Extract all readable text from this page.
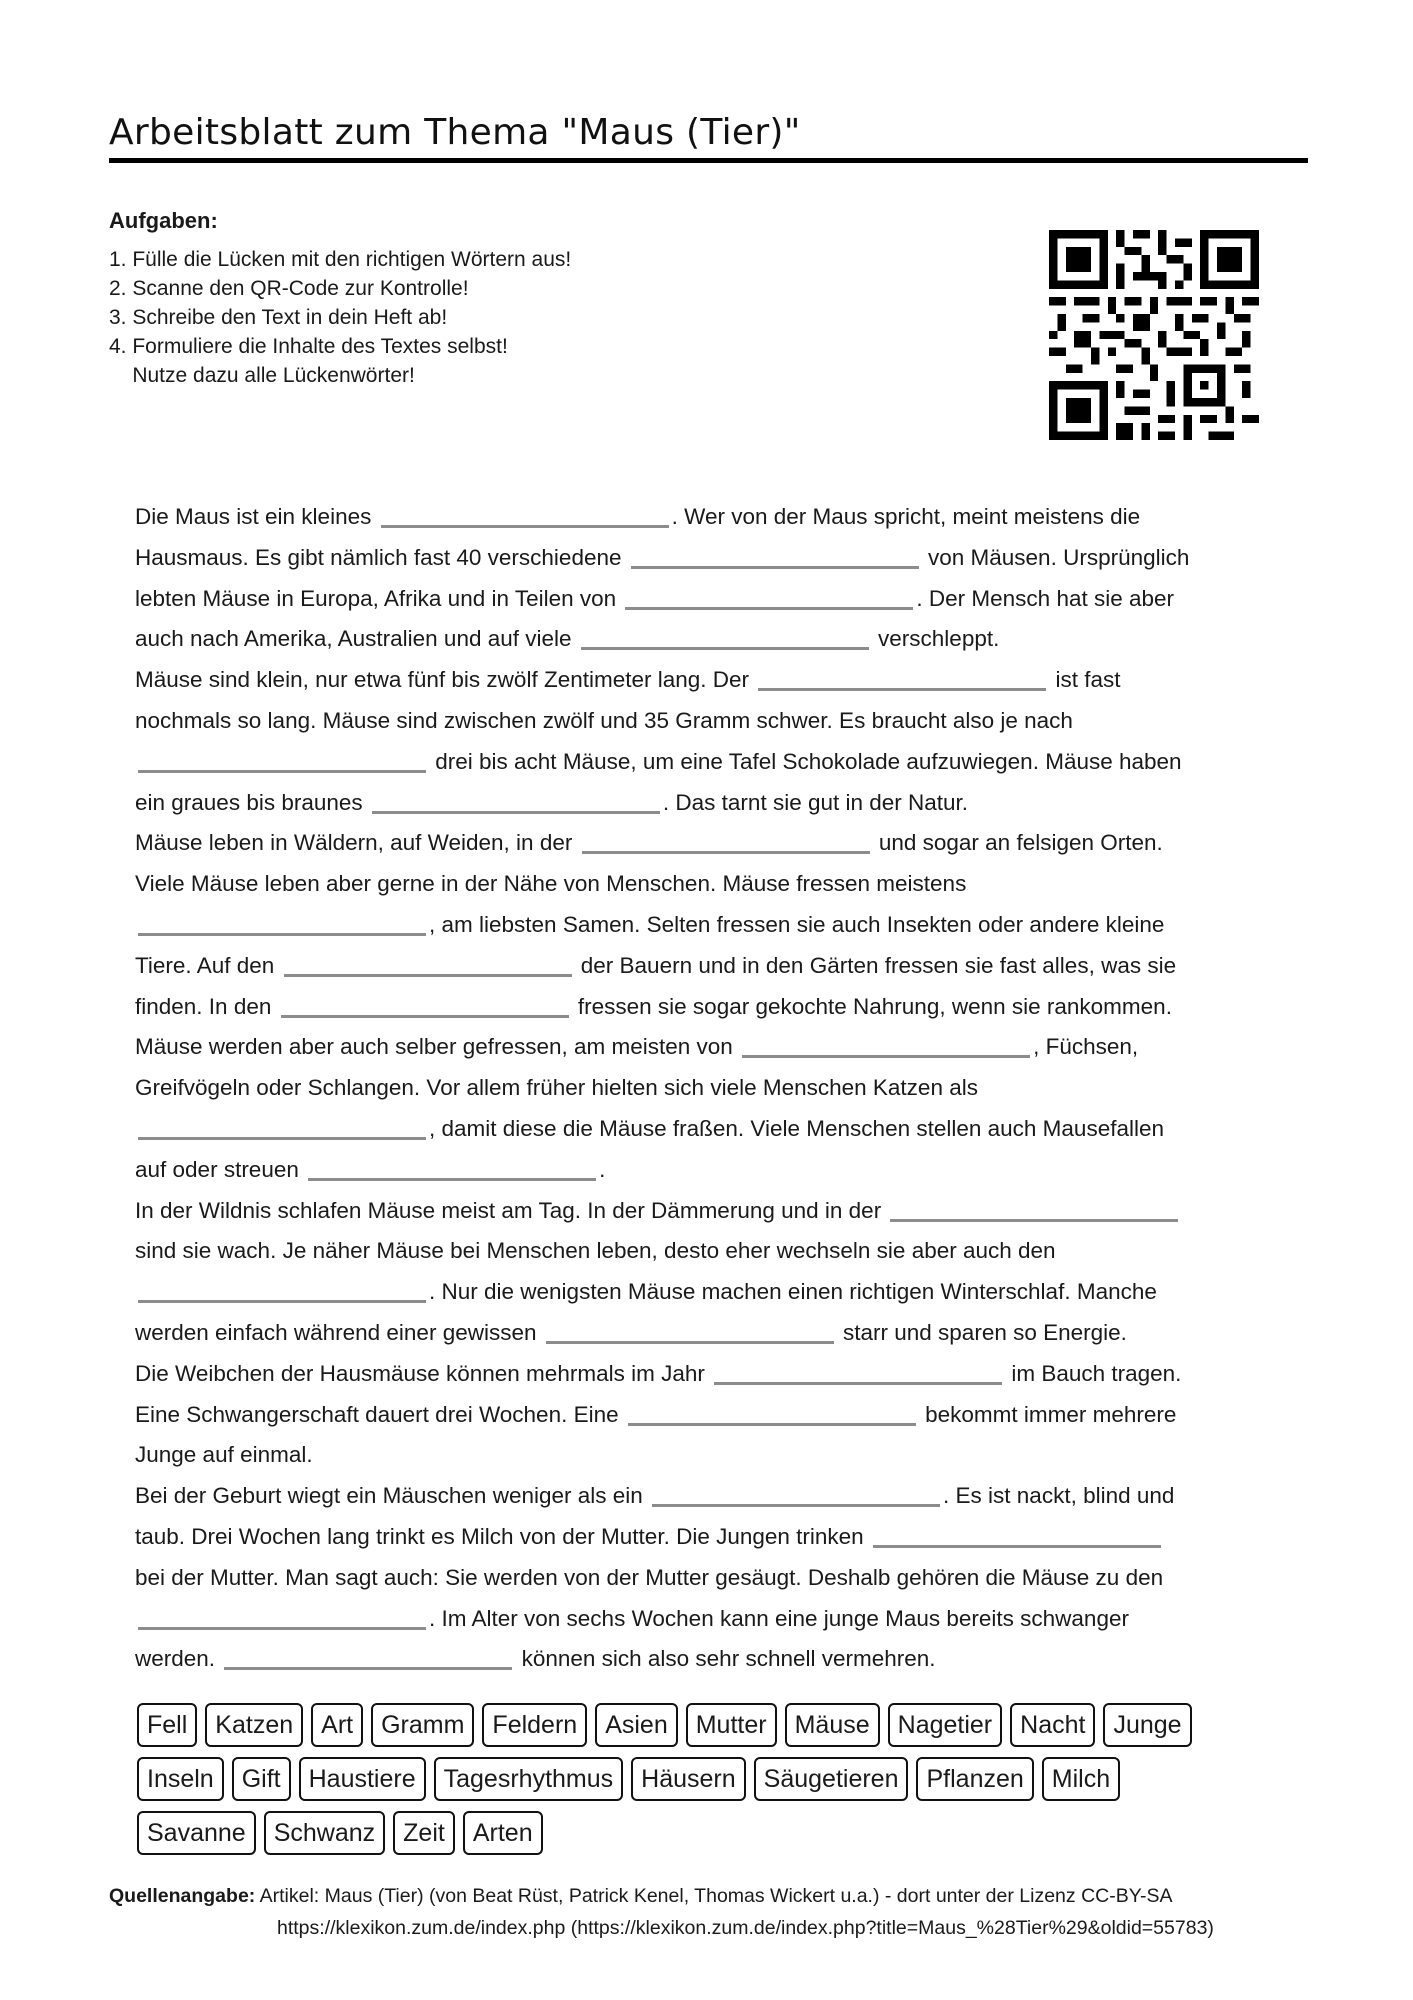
Arbeitsblatt zum Thema "Maus (Tier)"
Aufgaben:
1. Fülle die Lücken mit den richtigen Wörtern aus!
2. Scanne den QR-Code zur Kontrolle!
3. Schreibe den Text in dein Heft ab!
4. Formuliere die Inhalte des Textes selbst!
Nutze dazu alle Lückenwörter!
Die Maus ist ein kleines	. Wer von der Maus spricht, meint meistens die
Hausmaus. Es gibt nämlich fast 40 verschiedene	von Mäusen. Ursprünglich
lebten Mäuse in Europa, Afrika und in Teilen von	. Der Mensch hat sie aber
auch nach Amerika, Australien und auf viele	verschleppt.
Mäuse sind klein, nur etwa fünf bis zwölf Zentimeter lang. Der	ist fast
nochmals so lang. Mäuse sind zwischen zwölf und 35 Gramm schwer. Es braucht also je nach
drei bis acht Mäuse, um eine Tafel Schokolade aufzuwiegen. Mäuse haben
ein graues bis braunes	. Das tarnt sie gut in der Natur.
Mäuse leben in Wäldern, auf Weiden, in der	und sogar an felsigen Orten.
Viele Mäuse leben aber gerne in der Nähe von Menschen. Mäuse fressen meistens
, am liebsten Samen. Selten fressen sie auch Insekten oder andere kleine
Tiere. Auf den	der Bauern und in den Gärten fressen sie fast alles, was sie
finden. In den	fressen sie sogar gekochte Nahrung, wenn sie rankommen.
Mäuse werden aber auch selber gefressen, am meisten von	, Füchsen,
Greifvögeln oder Schlangen. Vor allem früher hielten sich viele Menschen Katzen als
, damit diese die Mäuse fraßen. Viele Menschen stellen auch Mausefallen
auf oder streuen	.
In der Wildnis schlafen Mäuse meist am Tag. In der Dämmerung und in der
sind sie wach. Je näher Mäuse bei Menschen leben, desto eher wechseln sie aber auch den
. Nur die wenigsten Mäuse machen einen richtigen Winterschlaf. Manche
werden einfach während einer gewissen	starr und sparen so Energie.
Die Weibchen der Hausmäuse können mehrmals im Jahr	im Bauch tragen.
Eine Schwangerschaft dauert drei Wochen. Eine	bekommt immer mehrere
Junge auf einmal.
Bei der Geburt wiegt ein Mäuschen weniger als ein	. Es ist nackt, blind und
taub. Drei Wochen lang trinkt es Milch von der Mutter. Die Jungen trinken
bei der Mutter. Man sagt auch: Sie werden von der Mutter gesäugt. Deshalb gehören die Mäuse zu den
. Im Alter von sechs Wochen kann eine junge Maus bereits schwanger
werden.	können sich also sehr schnell vermehren.
Fell	Katzen	Art	Gramm	Feldern	Asien	Mutter	Mäuse	Nagetier	Nacht	Junge
Inseln	Gift	Haustiere	Tagesrhythmus	Häusern	Säugetieren	Pflanzen	Milch
Savanne	Schwanz	Zeit	Arten
Quellenangabe: Artikel: Maus (Tier) (von Beat Rüst, Patrick Kenel, Thomas Wickert u.a.) - dort unter der Lizenz CC-BY-SA
https://klexikon.zum.de/index.php (https://klexikon.zum.de/index.php?title=Maus_%28Tier%29&oldid=55783)
